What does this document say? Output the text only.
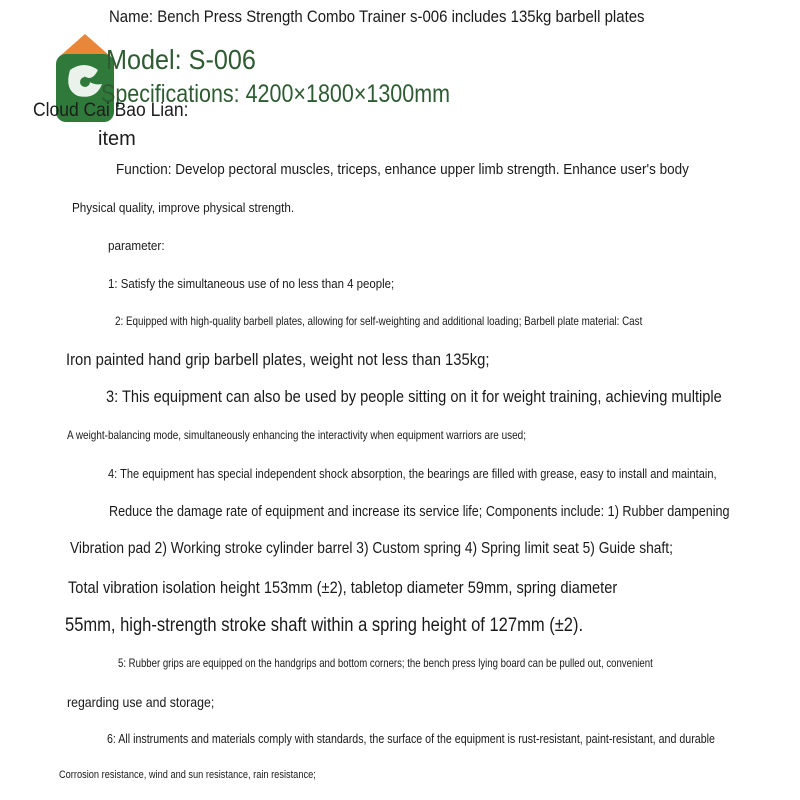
Name: Bench Press Strength Combo Trainer s-006 includes 135kg barbell plates
Model: S-006
Specifications: 4200×1800×1300mm
Cloud Cai Bao Lian:
item
Function: Develop pectoral muscles, triceps, enhance upper limb strength. Enhance user's body
Physical quality, improve physical strength.
parameter:
1: Satisfy the simultaneous use of no less than 4 people;
2: Equipped with high-quality barbell plates, allowing for self-weighting and additional loading; Barbell plate material: Cast
Iron painted hand grip barbell plates, weight not less than 135kg;
3: This equipment can also be used by people sitting on it for weight training, achieving multiple
A weight-balancing mode, simultaneously enhancing the interactivity when equipment warriors are used;
4: The equipment has special independent shock absorption, the bearings are filled with grease, easy to install and maintain,
Reduce the damage rate of equipment and increase its service life; Components include: 1) Rubber dampening
Vibration pad 2) Working stroke cylinder barrel 3) Custom spring 4) Spring limit seat 5) Guide shaft;
Total vibration isolation height 153mm (±2), tabletop diameter 59mm, spring diameter
55mm, high-strength stroke shaft within a spring height of 127mm (±2).
5: Rubber grips are equipped on the handgrips and bottom corners; the bench press lying board can be pulled out, convenient
regarding use and storage;
6: All instruments and materials comply with standards, the surface of the equipment is rust-resistant, paint-resistant, and durable
Corrosion resistance, wind and sun resistance, rain resistance;
